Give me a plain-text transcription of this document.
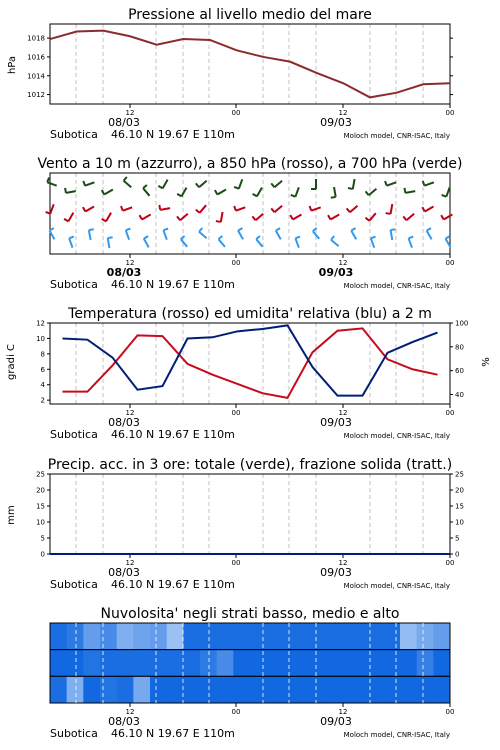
Pressione al livello medio del mare
hPa
Vento a 10 m (azzurro), a 850 hPa (rosso), a 700 hPa (verde)
Temperatura (rosso) ed umidita' relativa (blu) a 2 m
gradi C	%
Precip. acc. in 3 ore: totale (verde), frazione solida (tratt.)
mm
Nuvolosita' negli strati basso, medio e alto
12	00	12	00
1012
1014
1016
1018
12	00	12	00
12	00	12	00
2
4
6
8
10
12
40
60
80
100
12	00	12	00
0	0
5	5
10	10
15	15
20	20
25	25
12	00	12	00
08/03	09/03
Subotica 46.10 N 19.67 E 110m	Moloch model, CNR-ISAC, Italy
08/03	09/03
Subotica 46.10 N 19.67 E 110m	Moloch model, CNR-ISAC, Italy
08/03	09/03
Subotica 46.10 N 19.67 E 110m	Moloch model, CNR-ISAC, Italy
08/03	09/03
Subotica 46.10 N 19.67 E 110m	Moloch model, CNR-ISAC, Italy
08/03	09/03
Subotica 46.10 N 19.67 E 110m	Moloch model, CNR-ISAC, Italy
